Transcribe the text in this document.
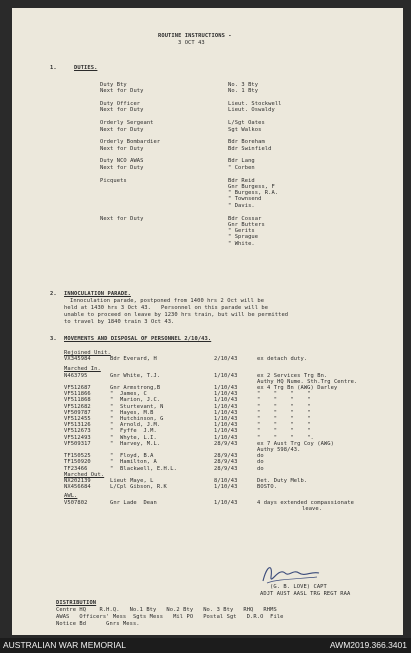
ROUTINE INSTRUCTIONS -
3 OCT 43
1.	DUTIES.
Duty Bty	No. 3 Bty
Next for Duty	No. 1 Bty
Duty Officer	Lieut. Stockwell
Next for Duty	Lieut. Oswaldy
Orderly Sergeant	L/Sgt Oates
Next for Duty	Sgt Walkos
Orderly Bombardier	Bdr Boreham
Next for Duty	Bdr Swinfield
Duty NCO AWAS	Bdr Lang
Next for Duty	" Corben
Picquets	Bdr Reid
Gnr Burgess, F
" Burgess, R.A.
" Townsend
" Davis.
Next for Duty	Bdr Cossar
Gnr Butters
" Gerits
" Sprague
" White.
2. INNOCULATION PARADE.
Innoculation parade, postponed from 1400 hrs 2 Oct will be
held at 1430 hrs 3 Oct 43.   Personnel on this parade will be
unable to proceed on leave by 1230 hrs train, but will be permitted
to travel by 1840 train 3 Oct 43.
3. MOVEMENTS AND DISPOSAL OF PERSONNEL 2/10/43.
Rejoined Unit.
VX345984	Bdr Everard, H	2/10/43	ex detach duty.
Marched In.
N463795	Gnr White, T.J.	1/10/43	ex 2 Services Trg Bn.
Authy HQ Nume. Sth.Trg Centre.
VF512687	Gnr Armstrong,B	1/10/43	ex 4 Trg Bn (AWG) Darley
VF511866	"  James, C	1/10/43	"    "    "    "
VF511868	"  Marion, J.C.	1/10/43	"    "    "    "
VF512682	"  Sturtevant, N	1/10/43	"    "    "    "
VF509787	"  Hayes, M.B	1/10/43	"    "    "    "
VF512455	"  Hutchinson, G	1/10/43	"    "    "    "
VF513126	"  Arnold, J.M.	1/10/43	"    "    "    "
VF512673	"  Fyffe  J.M.	1/10/43	"    "    "    "
VF512493	"  Whyte, L.I.	1/10/43	"    "    "    ".
VF509317	"  Harvey, M.L.	28/9/43	ex 7 Aust Trg Coy (AWG)
Authy 598/43.
TF150525	"  Floyd, B.A	28/9/43	do
TF150920	"  Hamilton, A	28/9/43	do
TF23466	"  Blackwell, E.H.L.	28/9/43	do
Marched Out.
NX202139	Lieut Maye, L	8/10/43	Det. Duty Melb.
NX456684	L/Cpl Gibson, R.K	1/10/43	BOSTO.
AWL.
V507802	Gnr Lade  Dean	1/10/43	4 days extended compassionate
leave.
(G. B. LOVE) CAPT
ADJT AUST AASL TRG REGT RAA
DISTRIBUTION
Centre HQ    R.H.Q.   No.1 Bty   No.2 Bty   No. 3 Bty   RHQ   RHMS
AWAS   Officers' Mess  Sgts Mess   Mil PO   Postal Sgt   D.R.O  File
Notice Bd      Gnrs Mess.
AUSTRALIAN WAR MEMORIAL	AWM2019.366.3401
